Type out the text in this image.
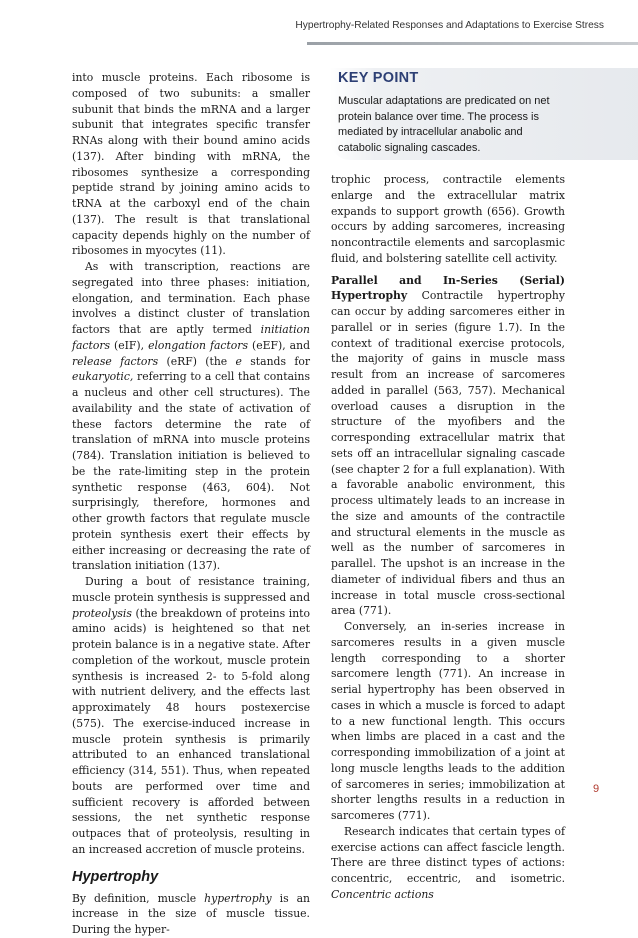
Hypertrophy-Related Responses and Adaptations to Exercise Stress

into muscle proteins. Each ribosome is composed of two subunits: a smaller subunit that binds the mRNA and a larger subunit that integrates specific transfer RNAs along with their bound amino acids (137). After binding with mRNA, the ribosomes synthesize a corresponding peptide strand by joining amino acids to tRNA at the carboxyl end of the chain (137). The result is that translational capacity depends highly on the number of ribosomes in myocytes (11).

As with transcription, reactions are segregated into three phases: initiation, elongation, and termination. Each phase involves a distinct cluster of translation factors that are aptly termed initiation factors (eIF), elongation factors (eEF), and release factors (eRF) (the e stands for eukaryotic, referring to a cell that contains a nucleus and other cell structures). The availability and the state of activation of these factors determine the rate of translation of mRNA into muscle proteins (784). Translation initiation is believed to be the rate-limiting step in the protein synthetic response (463, 604). Not surprisingly, therefore, hormones and other growth factors that regulate muscle protein synthesis exert their effects by either increasing or decreasing the rate of translation initiation (137).

During a bout of resistance training, muscle protein synthesis is suppressed and proteolysis (the breakdown of proteins into amino acids) is heightened so that net protein balance is in a negative state. After completion of the workout, muscle protein synthesis is increased 2- to 5-fold along with nutrient delivery, and the effects last approximately 48 hours postexercise (575). The exercise-induced increase in muscle protein synthesis is primarily attributed to an enhanced translational efficiency (314, 551). Thus, when repeated bouts are performed over time and sufficient recovery is afforded between sessions, the net synthetic response outpaces that of proteolysis, resulting in an increased accretion of muscle proteins.

Hypertrophy

By definition, muscle hypertrophy is an increase in the size of muscle tissue. During the hyper-

KEY POINT
Muscular adaptations are predicated on net protein balance over time. The process is mediated by intracellular anabolic and catabolic signaling cascades.

trophic process, contractile elements enlarge and the extracellular matrix expands to support growth (656). Growth occurs by adding sarcomeres, increasing noncontractile elements and sarcoplasmic fluid, and bolstering satellite cell activity.

Parallel and In-Series (Serial) Hypertrophy Contractile hypertrophy can occur by adding sarcomeres either in parallel or in series (figure 1.7). In the context of traditional exercise protocols, the majority of gains in muscle mass result from an increase of sarcomeres added in parallel (563, 757). Mechanical overload causes a disruption in the structure of the myofibers and the corresponding extracellular matrix that sets off an intracellular signaling cascade (see chapter 2 for a full explanation). With a favorable anabolic environment, this process ultimately leads to an increase in the size and amounts of the contractile and structural elements in the muscle as well as the number of sarcomeres in parallel. The upshot is an increase in the diameter of individual fibers and thus an increase in total muscle cross-sectional area (771).

Conversely, an in-series increase in sarcomeres results in a given muscle length corresponding to a shorter sarcomere length (771). An increase in serial hypertrophy has been observed in cases in which a muscle is forced to adapt to a new functional length. This occurs when limbs are placed in a cast and the corresponding immobilization of a joint at long muscle lengths leads to the addition of sarcomeres in series; immobilization at shorter lengths results in a reduction in sarcomeres (771).

Research indicates that certain types of exercise actions can affect fascicle length. There are three distinct types of actions: concentric, eccentric, and isometric. Concentric actions

9
